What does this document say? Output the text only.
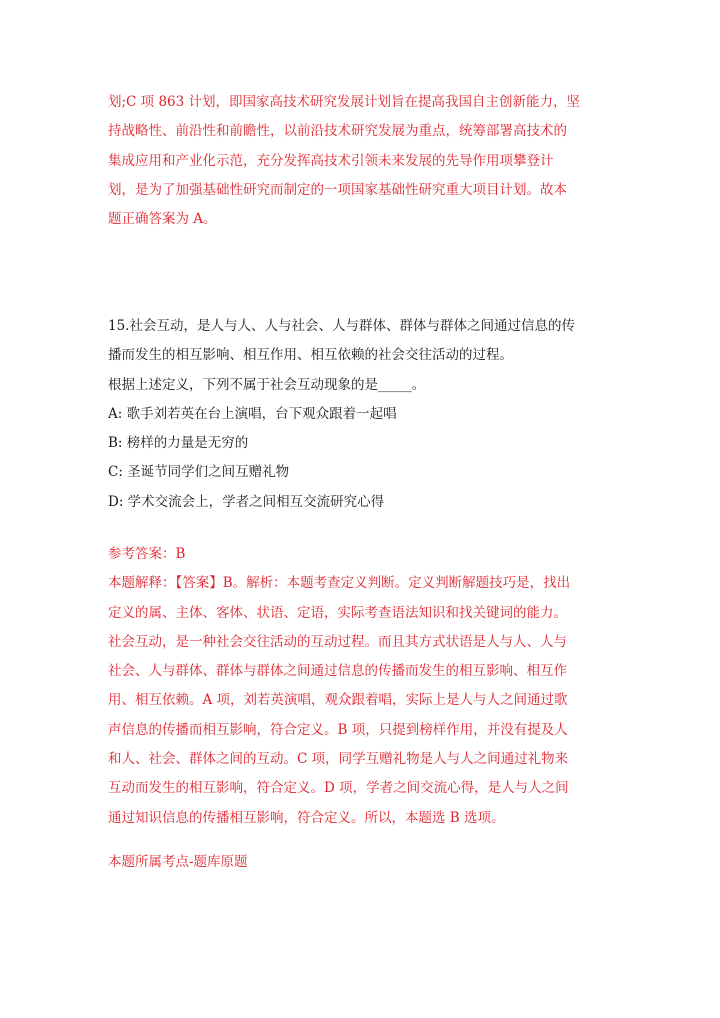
划;C 项 863 计划，即国家高技术研究发展计划旨在提高我国自主创新能力，坚
持战略性、前沿性和前瞻性，以前沿技术研究发展为重点，统筹部署高技术的
集成应用和产业化示范，充分发挥高技术引领未来发展的先导作用项攀登计
划，是为了加强基础性研究而制定的一项国家基础性研究重大项目计划。故本
题正确答案为 A。
15.社会互动，是人与人、人与社会、人与群体、群体与群体之间通过信息的传
播而发生的相互影响、相互作用、相互依赖的社会交往活动的过程。
根据上述定义，下列不属于社会互动现象的是_____。
A: 歌手刘若英在台上演唱，台下观众跟着一起唱
B: 榜样的力量是无穷的
C: 圣诞节同学们之间互赠礼物
D: 学术交流会上，学者之间相互交流研究心得
参考答案：B
本题解释：【答案】B。解析：本题考查定义判断。定义判断解题技巧是，找出
定义的属、主体、客体、状语、定语，实际考查语法知识和找关键词的能力。
社会互动，是一种社会交往活动的互动过程。而且其方式状语是人与人、人与
社会、人与群体、群体与群体之间通过信息的传播而发生的相互影响、相互作
用、相互依赖。A 项，刘若英演唱，观众跟着唱，实际上是人与人之间通过歌
声信息的传播而相互影响，符合定义。B 项，只提到榜样作用，并没有提及人
和人、社会、群体之间的互动。C 项，同学互赠礼物是人与人之间通过礼物来
互动而发生的相互影响，符合定义。D 项，学者之间交流心得，是人与人之间
通过知识信息的传播相互影响，符合定义。所以，本题选 B 选项。
本题所属考点-题库原题
